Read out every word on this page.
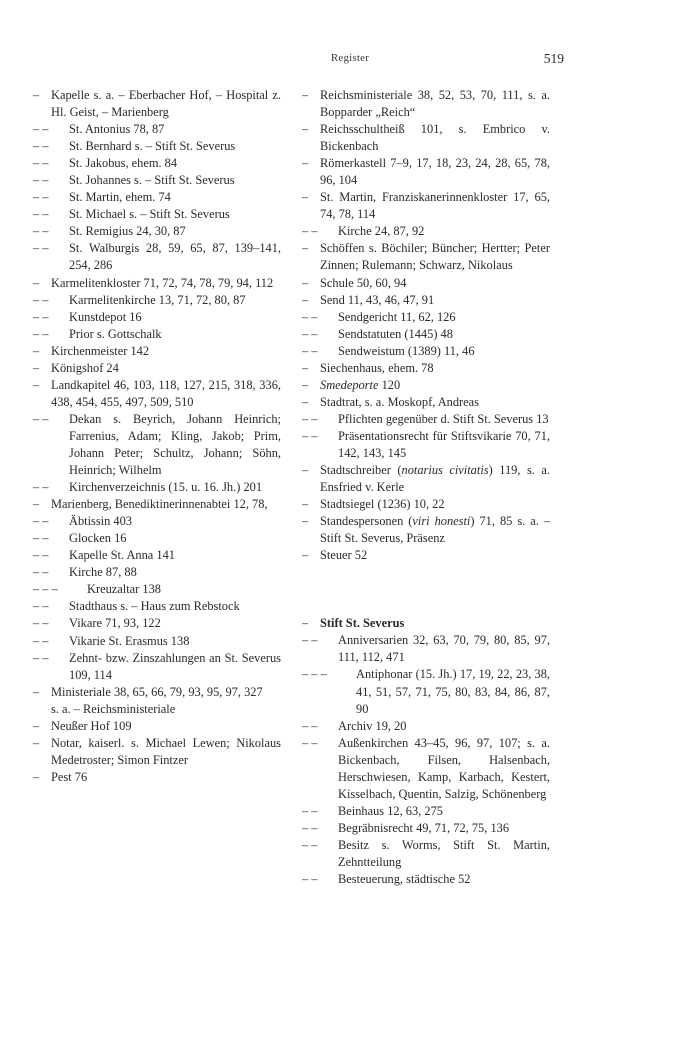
Register	519
– Kapelle s. a. – Eberbacher Hof, – Hospital z. Hl. Geist, – Marienberg
– –	St. Antonius 78, 87
– –	St. Bernhard s. – Stift St. Severus
– –	St. Jakobus, ehem. 84
– –	St. Johannes s. – Stift St. Severus
– –	St. Martin, ehem. 74
– –	St. Michael s. – Stift St. Severus
– –	St. Remigius 24, 30, 87
– –	St. Walburgis 28, 59, 65, 87, 139–141, 254, 286
– Karmelitenkloster 71, 72, 74, 78, 79, 94, 112
– –	Karmelitenkirche 13, 71, 72, 80, 87
– –	Kunstdepot 16
– –	Prior s. Gottschalk
– Kirchenmeister 142
– Königshof 24
– Landkapitel 46, 103, 118, 127, 215, 318, 336, 438, 454, 455, 497, 509, 510
– –	Dekan s. Beyrich, Johann Heinrich; Farrenius, Adam; Kling, Jakob; Prim, Johann Peter; Schultz, Johann; Söhn, Heinrich; Wilhelm
– –	Kirchenverzeichnis (15. u. 16. Jh.) 201
– Marienberg, Benediktinerinnenabtei 12, 78,
– –	Äbtissin 403
– –	Glocken 16
– –	Kapelle St. Anna 141
– –	Kirche 87, 88
– – –	Kreuzaltar 138
– –	Stadthaus s. – Haus zum Rebstock
– –	Vikare 71, 93, 122
– –	Vikarie St. Erasmus 138
– –	Zehnt- bzw. Zinszahlungen an St. Severus 109, 114
– Ministeriale 38, 65, 66, 79, 93, 95, 97, 327
s. a. – Reichsministeriale
– Neußer Hof 109
– Notar, kaiserl. s. Michael Lewen; Nikolaus Medetroster; Simon Fintzer
– Pest 76
– Reichsministeriale 38, 52, 53, 70, 111, s. a. Bopparder „Reich“
– Reichsschultheiß 101, s. Embrico v. Bickenbach
– Römerkastell 7–9, 17, 18, 23, 24, 28, 65, 78, 96, 104
– St. Martin, Franziskanerinnenkloster 17, 65, 74, 78, 114
– –	Kirche 24, 87, 92
– Schöffen s. Böchiler; Büncher; Hertter; Peter Zinnen; Rulemann; Schwarz, Nikolaus
– Schule 50, 60, 94
– Send 11, 43, 46, 47, 91
– –	Sendgericht 11, 62, 126
– –	Sendstatuten (1445) 48
– –	Sendweistum (1389) 11, 46
– Siechenhaus, ehem. 78
– Smedeporte 120
– Stadtrat, s. a. Moskopf, Andreas
– –	Pflichten gegenüber d. Stift St. Severus 13
– –	Präsentationsrecht für Stiftsvikarie 70, 71, 142, 143, 145
– Stadtschreiber (notarius civitatis) 119, s. a. Ensfried v. Kerle
– Stadtsiegel (1236) 10, 22
– Standespersonen (viri honesti) 71, 85 s. a. – Stift St. Severus, Präsenz
– Steuer 52
– Stift St. Severus
– –	Anniversarien 32, 63, 70, 79, 80, 85, 97, 111, 112, 471
– – –	Antiphonar (15. Jh.) 17, 19, 22, 23, 38, 41, 51, 57, 71, 75, 80, 83, 84, 86, 87, 90
– –	Archiv 19, 20
– –	Außenkirchen 43–45, 96, 97, 107; s. a. Bickenbach, Filsen, Halsenbach, Herschwiesen, Kamp, Karbach, Kestert, Kisselbach, Quentin, Salzig, Schönenberg
– –	Beinhaus 12, 63, 275
– –	Begräbnisrecht 49, 71, 72, 75, 136
– –	Besitz s. Worms, Stift St. Martin, Zehntteilung
– –	Besteuerung, städtische 52
